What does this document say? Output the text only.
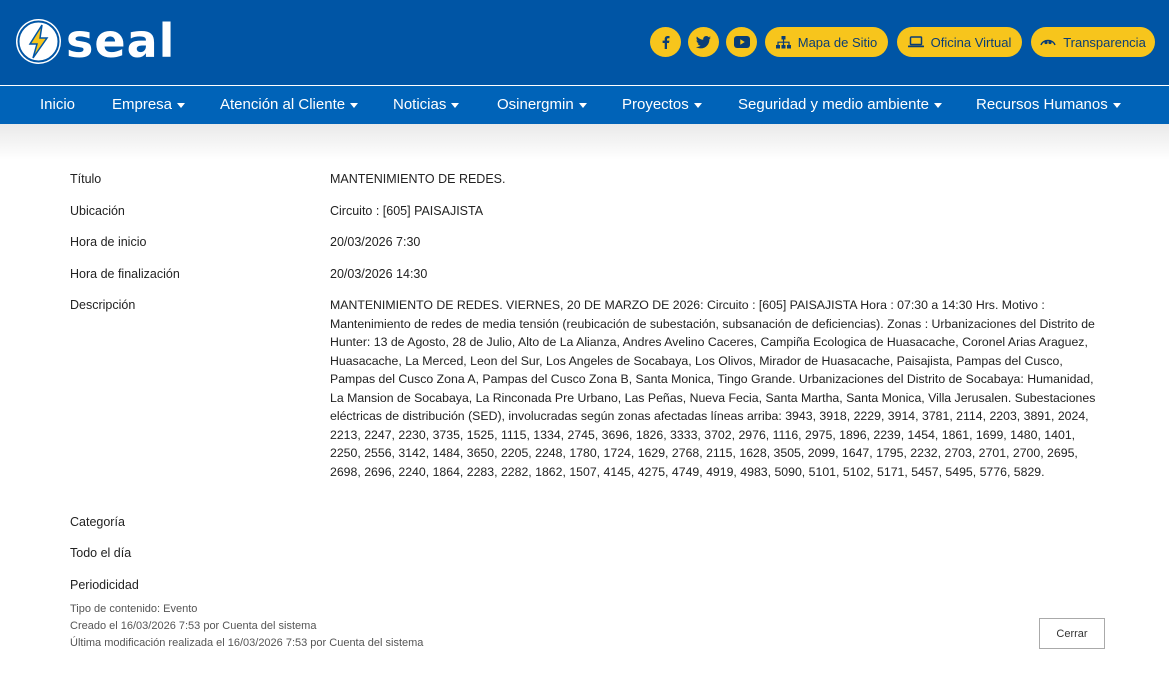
seal	Mapa de Sitio	Oficina Virtual	Transparencia
Inicio Empresa	Atención al Cliente	Noticias	Osinergmin	Proyectos	Seguridad y medio ambiente	Recursos Humanos
Título	MANTENIMIENTO DE REDES.
Ubicación	Circuito : [605] PAISAJISTA
Hora de inicio	20/03/2026 7:30
Hora de finalización	20/03/2026 14:30
Descripción	MANTENIMIENTO DE REDES. VIERNES, 20 DE MARZO DE 2026: Circuito : [605] PAISAJISTA Hora : 07:30 a 14:30 Hrs. Motivo : Mantenimiento de redes de media tensión (reubicación de subestación, subsanación de deficiencias). Zonas : Urbanizaciones del Distrito de Hunter: 13 de Agosto, 28 de Julio, Alto de La Alianza, Andres Avelino Caceres, Campiña Ecologica de Huasacache, Coronel Arias Araguez, Huasacache, La Merced, Leon del Sur, Los Angeles de Socabaya, Los Olivos, Mirador de Huasacache, Paisajista, Pampas del Cusco, Pampas del Cusco Zona A, Pampas del Cusco Zona B, Santa Monica, Tingo Grande. Urbanizaciones del Distrito de Socabaya: Humanidad, La Mansion de Socabaya, La Rinconada Pre Urbano, Las Peñas, Nueva Fecia, Santa Martha, Santa Monica, Villa Jerusalen. Subestaciones eléctricas de distribución (SED), involucradas según zonas afectadas líneas arriba: 3943, 3918, 2229, 3914, 3781, 2114, 2203, 3891, 2024, 2213, 2247, 2230, 3735, 1525, 1115, 1334, 2745, 3696, 1826, 3333, 3702, 2976, 1116, 2975, 1896, 2239, 1454, 1861, 1699, 1480, 1401, 2250, 2556, 3142, 1484, 3650, 2205, 2248, 1780, 1724, 1629, 2768, 2115, 1628, 3505, 2099, 1647, 1795, 2232, 2703, 2701, 2700, 2695, 2698, 2696, 2240, 1864, 2283, 2282, 1862, 1507, 4145, 4275, 4749, 4919, 4983, 5090, 5101, 5102, 5171, 5457, 5495, 5776, 5829.
Categoría
Todo el día
Periodicidad
Tipo de contenido: Evento
Creado el 16/03/2026 7:53 por Cuenta del sistema
Última modificación realizada el 16/03/2026 7:53 por Cuenta del sistema
Cerrar
